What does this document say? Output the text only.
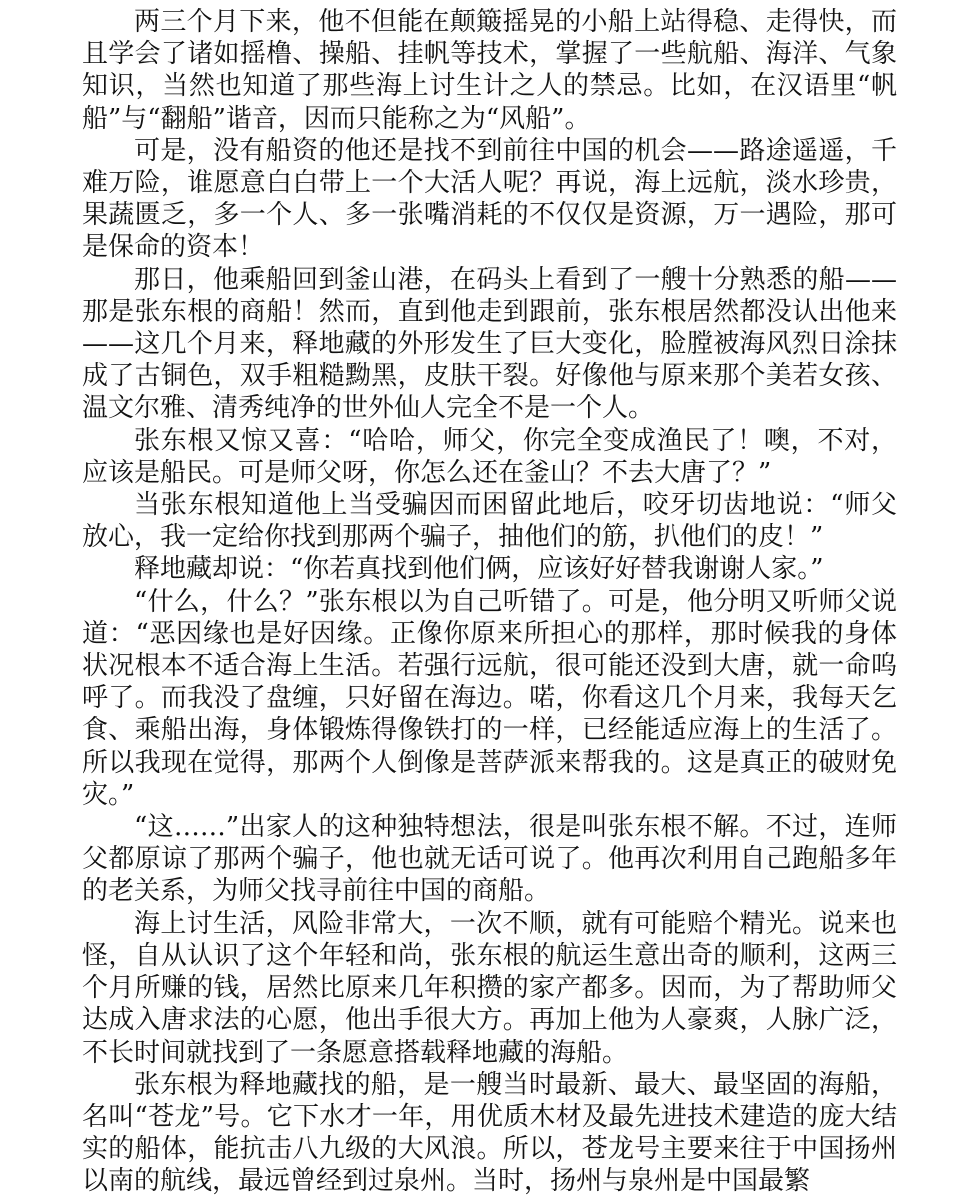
两三个月下来，他不但能在颠簸摇晃的小船上站得稳、走得快，而且学会了诸如摇橹、操船、挂帆等技术，掌握了一些航船、海洋、气象知识，当然也知道了那些海上讨生计之人的禁忌。比如，在汉语里“帆船”与“翻船”谐音，因而只能称之为“风船”。

可是，没有船资的他还是找不到前往中国的机会——路途遥遥，千难万险，谁愿意白白带上一个大活人呢？再说，海上远航，淡水珍贵，果蔬匮乏，多一个人、多一张嘴消耗的不仅仅是资源，万一遇险，那可是保命的资本！

那日，他乘船回到釜山港，在码头上看到了一艘十分熟悉的船——那是张东根的商船！然而，直到他走到跟前，张东根居然都没认出他来——这几个月来，释地藏的外形发生了巨大变化，脸膛被海风烈日涂抹成了古铜色，双手粗糙黝黑，皮肤干裂。好像他与原来那个美若女孩、温文尔雅、清秀纯净的世外仙人完全不是一个人。

张东根又惊又喜：“哈哈，师父，你完全变成渔民了！噢，不对，应该是船民。可是师父呀，你怎么还在釜山？不去大唐了？”

当张东根知道他上当受骗因而困留此地后，咬牙切齿地说：“师父放心，我一定给你找到那两个骗子，抽他们的筋，扒他们的皮！”

释地藏却说：“你若真找到他们俩，应该好好替我谢谢人家。”

“什么，什么？”张东根以为自己听错了。可是，他分明又听师父说道：“恶因缘也是好因缘。正像你原来所担心的那样，那时候我的身体状况根本不适合海上生活。若强行远航，很可能还没到大唐，就一命呜呼了。而我没了盘缠，只好留在海边。喏，你看这几个月来，我每天乞食、乘船出海，身体锻炼得像铁打的一样，已经能适应海上的生活了。所以我现在觉得，那两个人倒像是菩萨派来帮我的。这是真正的破财免灾。”

“这……”出家人的这种独特想法，很是叫张东根不解。不过，连师父都原谅了那两个骗子，他也就无话可说了。他再次利用自己跑船多年的老关系，为师父找寻前往中国的商船。

海上讨生活，风险非常大，一次不顺，就有可能赔个精光。说来也怪，自从认识了这个年轻和尚，张东根的航运生意出奇的顺利，这两三个月所赚的钱，居然比原来几年积攒的家产都多。因而，为了帮助师父达成入唐求法的心愿，他出手很大方。再加上他为人豪爽，人脉广泛，不长时间就找到了一条愿意搭载释地藏的海船。

张东根为释地藏找的船，是一艘当时最新、最大、最坚固的海船，名叫“苍龙”号。它下水才一年，用优质木材及最先进技术建造的庞大结实的船体，能抗击八九级的大风浪。所以，苍龙号主要来往于中国扬州以南的航线，最远曾经到过泉州。当时，扬州与泉州是中国最繁
